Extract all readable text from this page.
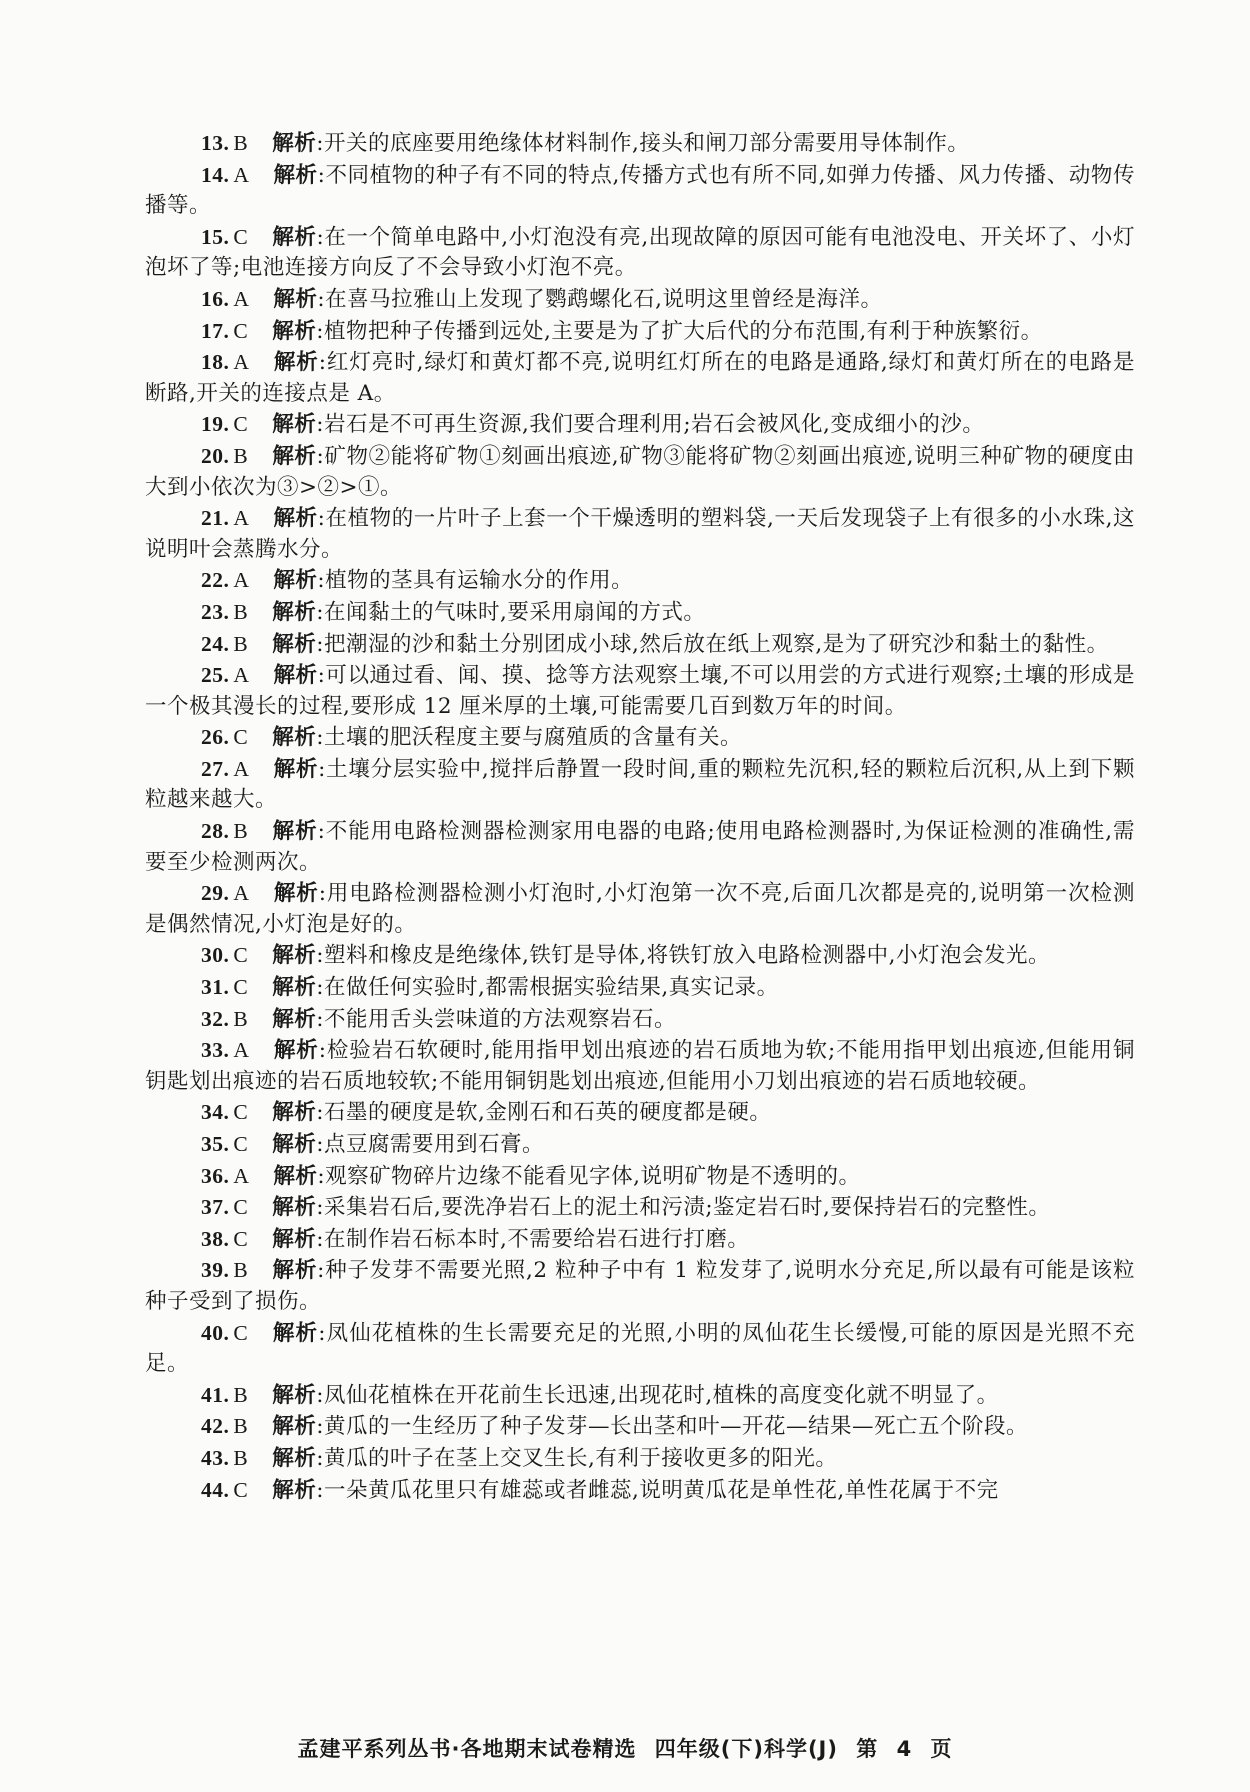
13. B 解析:开关的底座要用绝缘体材料制作,接头和闸刀部分需要用导体制作。
14. A 解析:不同植物的种子有不同的特点,传播方式也有所不同,如弹力传播、风力传播、动物传播等。
15. C 解析:在一个简单电路中,小灯泡没有亮,出现故障的原因可能有电池没电、开关坏了、小灯泡坏了等;电池连接方向反了不会导致小灯泡不亮。
16. A 解析:在喜马拉雅山上发现了鹦鹉螺化石,说明这里曾经是海洋。
17. C 解析:植物把种子传播到远处,主要是为了扩大后代的分布范围,有利于种族繁衍。
18. A 解析:红灯亮时,绿灯和黄灯都不亮,说明红灯所在的电路是通路,绿灯和黄灯所在的电路是断路,开关的连接点是 A。
19. C 解析:岩石是不可再生资源,我们要合理利用;岩石会被风化,变成细小的沙。
20. B 解析:矿物②能将矿物①刻画出痕迹,矿物③能将矿物②刻画出痕迹,说明三种矿物的硬度由大到小依次为③>②>①。
21. A 解析:在植物的一片叶子上套一个干燥透明的塑料袋,一天后发现袋子上有很多的小水珠,这说明叶会蒸腾水分。
22. A 解析:植物的茎具有运输水分的作用。
23. B 解析:在闻黏土的气味时,要采用扇闻的方式。
24. B 解析:把潮湿的沙和黏土分别团成小球,然后放在纸上观察,是为了研究沙和黏土的黏性。
25. A 解析:可以通过看、闻、摸、捻等方法观察土壤,不可以用尝的方式进行观察;土壤的形成是一个极其漫长的过程,要形成 12 厘米厚的土壤,可能需要几百到数万年的时间。
26. C 解析:土壤的肥沃程度主要与腐殖质的含量有关。
27. A 解析:土壤分层实验中,搅拌后静置一段时间,重的颗粒先沉积,轻的颗粒后沉积,从上到下颗粒越来越大。
28. B 解析:不能用电路检测器检测家用电器的电路;使用电路检测器时,为保证检测的准确性,需要至少检测两次。
29. A 解析:用电路检测器检测小灯泡时,小灯泡第一次不亮,后面几次都是亮的,说明第一次检测是偶然情况,小灯泡是好的。
30. C 解析:塑料和橡皮是绝缘体,铁钉是导体,将铁钉放入电路检测器中,小灯泡会发光。
31. C 解析:在做任何实验时,都需根据实验结果,真实记录。
32. B 解析:不能用舌头尝味道的方法观察岩石。
33. A 解析:检验岩石软硬时,能用指甲划出痕迹的岩石质地为软;不能用指甲划出痕迹,但能用铜钥匙划出痕迹的岩石质地较软;不能用铜钥匙划出痕迹,但能用小刀划出痕迹的岩石质地较硬。
34. C 解析:石墨的硬度是软,金刚石和石英的硬度都是硬。
35. C 解析:点豆腐需要用到石膏。
36. A 解析:观察矿物碎片边缘不能看见字体,说明矿物是不透明的。
37. C 解析:采集岩石后,要洗净岩石上的泥土和污渍;鉴定岩石时,要保持岩石的完整性。
38. C 解析:在制作岩石标本时,不需要给岩石进行打磨。
39. B 解析:种子发芽不需要光照,2 粒种子中有 1 粒发芽了,说明水分充足,所以最有可能是该粒种子受到了损伤。
40. C 解析:凤仙花植株的生长需要充足的光照,小明的凤仙花生长缓慢,可能的原因是光照不充足。
41. B 解析:凤仙花植株在开花前生长迅速,出现花时,植株的高度变化就不明显了。
42. B 解析:黄瓜的一生经历了种子发芽—长出茎和叶—开花—结果—死亡五个阶段。
43. B 解析:黄瓜的叶子在茎上交叉生长,有利于接收更多的阳光。
44. C 解析:一朵黄瓜花里只有雄蕊或者雌蕊,说明黄瓜花是单性花,单性花属于不完
孟建平系列丛书·各地期末试卷精选 四年级(下)科学(J) 第 4 页
